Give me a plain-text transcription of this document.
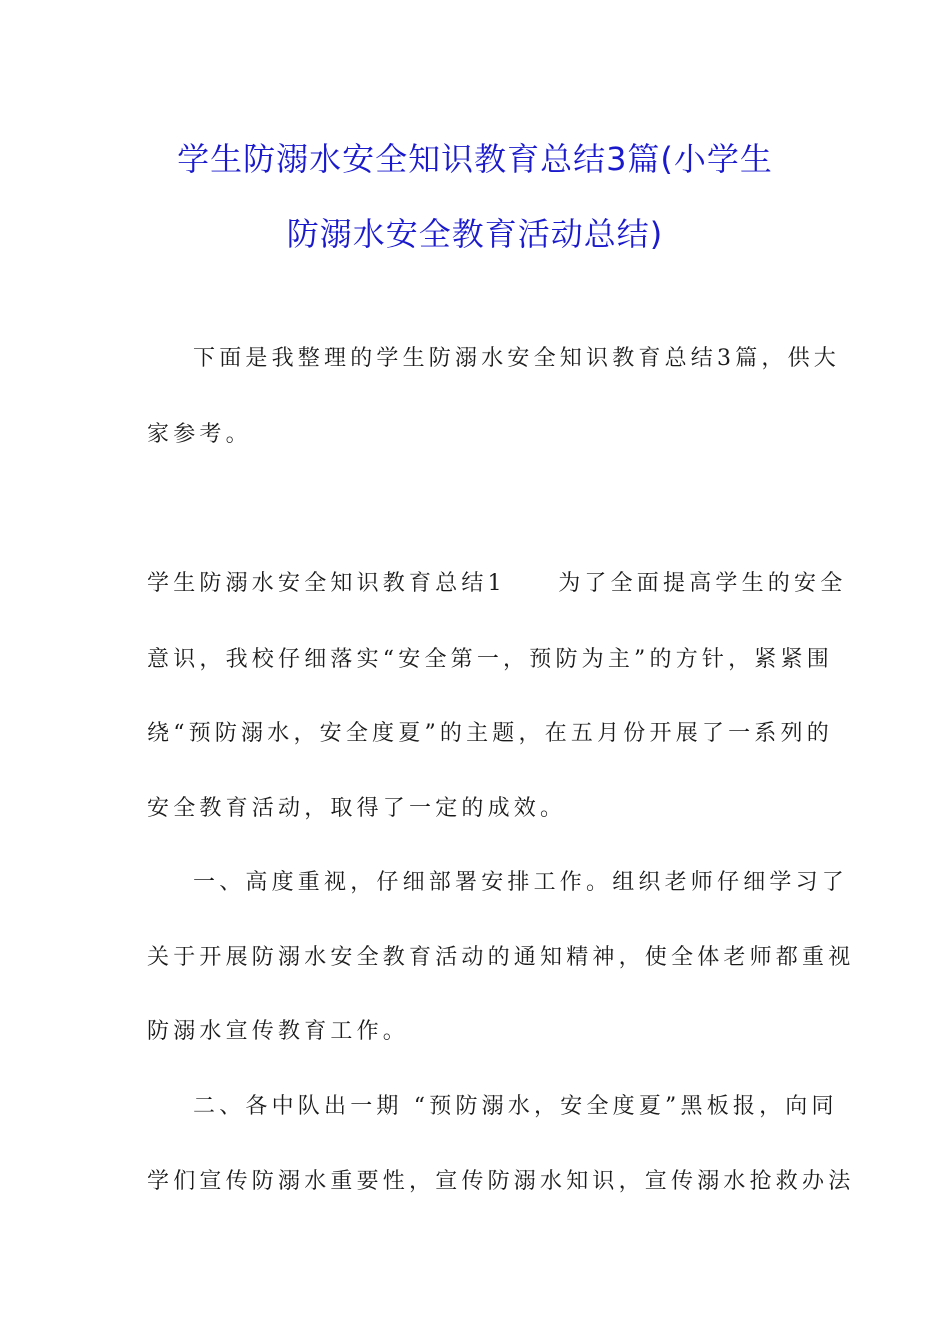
学生防溺水安全知识教育总结3篇(小学生
防溺水安全教育活动总结)
下面是我整理的学生防溺水安全知识教育总结3篇，供大
家参考。
学生防溺水安全知识教育总结1　　为了全面提高学生的安全
意识，我校仔细落实“安全第一，预防为主”的方针，紧紧围
绕“预防溺水，安全度夏”的主题，在五月份开展了一系列的
安全教育活动，取得了一定的成效。
一、高度重视，仔细部署安排工作。组织老师仔细学习了
关于开展防溺水安全教育活动的通知精神，使全体老师都重视
防溺水宣传教育工作。
二、各中队出一期 “预防溺水，安全度夏”黑板报，向同
学们宣传防溺水重要性，宣传防溺水知识，宣传溺水抢救办法
